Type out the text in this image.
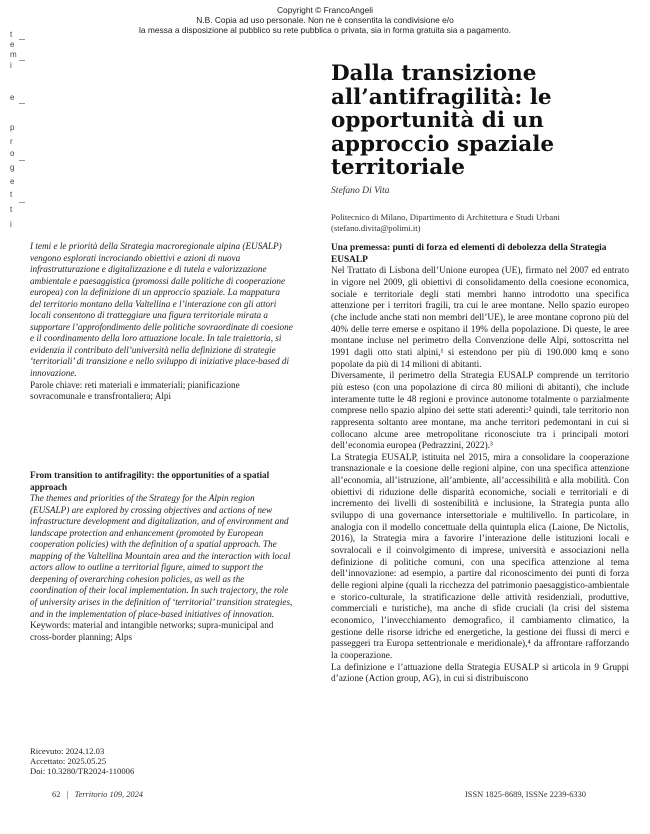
Copyright © FrancoAngeli
N.B. Copia ad uso personale. Non ne è consentita la condivisione e/o
la messa a disposizione al pubblico su rete pubblica o privata, sia in forma gratuita sia a pagamento.
t
e
m
i
e
p
r
o
g
e
t
t
i
Dalla transizione all’antifragilità: le opportunità di un approccio spaziale territoriale
Stefano Di Vita
Politecnico di Milano, Dipartimento di Architettura e Studi Urbani
(stefano.divita@polimi.it)
I temi e le priorità della Strategia macroregionale alpina (EUSALP) vengono esplorati incrociando obiettivi e azioni di nuova infrastrutturazione e digitalizzazione e di tutela e valorizzazione ambientale e paesaggistica (promossi dalle politiche di cooperazione europea) con la definizione di un approccio spaziale. La mappatura del territorio montano della Valtellina e l’interazione con gli attori locali consentono di tratteggiare una figura territoriale mirata a supportare l’approfondimento delle politiche sovraordinate di coesione e il coordinamento della loro attuazione locale. In tale traiettoria, si evidenzia il contributo dell’università nella definizione di strategie ‘territoriali’ di transizione e nello sviluppo di iniziative place-based di innovazione.
Parole chiave: reti materiali e immateriali; pianificazione sovracomunale e transfrontaliera; Alpi
From transition to antifragility: the opportunities of a spatial approach
The themes and priorities of the Strategy for the Alpin region (EUSALP) are explored by crossing objectives and actions of new infrastructure development and digitalization, and of environment and landscape protection and enhancement (promoted by European cooperation policies) with the definition of a spatial approach. The mapping of the Valtellina Mountain area and the interaction with local actors allow to outline a territorial figure, aimed to support the deepening of overarching cohesion policies, as well as the coordination of their local implementation. In such trajectory, the role of university arises in the definition of ‘territorial’ transition strategies, and in the implementation of place-based initiatives of innovation.
Keywords: material and intangible networks; supra-municipal and cross-border planning; Alps
Ricevuto: 2024.12.03
Accettato: 2025.05.25
Doi: 10.3280/TR2024-110006

Una premessa: punti di forza ed elementi di debolezza della Strategia EUSALP

Nel Trattato di Lisbona dell’Unione europea (UE), firmato nel 2007 ed entrato in vigore nel 2009, gli obiettivi di consolidamento della coesione economica, sociale e territoriale degli stati membri hanno introdotto una specifica attenzione per i territori fragili, tra cui le aree montane. Nello spazio europeo (che include anche stati non membri dell’UE), le aree montane coprono più del 40% delle terre emerse e ospitano il 19% della popolazione. Di queste, le aree montane incluse nel perimetro della Convenzione delle Alpi, sottoscritta nel 1991 dagli otto stati alpini,¹ si estendono per più di 190.000 kmq e sono popolate da più di 14 milioni di abitanti.

Diversamente, il perimetro della Strategia EUSALP comprende un territorio più esteso (con una popolazione di circa 80 milioni di abitanti), che include interamente tutte le 48 regioni e province autonome totalmente o parzialmente comprese nello spazio alpino dei sette stati aderenti:² quindi, tale territorio non rappresenta soltanto aree montane, ma anche territori pedemontani in cui si collocano alcune aree metropolitane riconosciute tra i principali motori dell’economia europea (Pedrazzini, 2022).³

La Strategia EUSALP, istituita nel 2015, mira a consolidare la cooperazione transnazionale e la coesione delle regioni alpine, con una specifica attenzione all’economia, all’istruzione, all’ambiente, all’accessibilità e alla mobilità. Con obiettivi di riduzione delle disparità economiche, sociali e territoriali e di incremento dei livelli di sostenibilità e inclusione, la Strategia punta allo sviluppo di una governance intersettoriale e multilivello. In particolare, in analogia con il modello concettuale della quintupla elica (Laione, De Nictolis, 2016), la Strategia mira a favorire l’interazione delle istituzioni locali e sovralocali e il coinvolgimento di imprese, università e associazioni nella definizione di politiche comuni, con una specifica attenzione al tema dell’innovazione: ad esempio, a partire dal riconoscimento dei punti di forza delle regioni alpine (quali la ricchezza del patrimonio paesaggistico-ambientale e storico-culturale, la stratificazione delle attività residenziali, produttive, commerciali e turistiche), ma anche di sfide cruciali (la crisi del sistema economico, l’invecchiamento demografico, il cambiamento climatico, la gestione delle risorse idriche ed energetiche, la gestione dei flussi di merci e passeggeri tra Europa settentrionale e meridionale),⁴ da affrontare rafforzando la cooperazione.

La definizione e l’attuazione della Strategia EUSALP si articola in 9 Gruppi d’azione (Action group, AG), in cui si distribuiscono

62 | Territorio 109, 2024	ISSN 1825-8689, ISSNe 2239-6330
